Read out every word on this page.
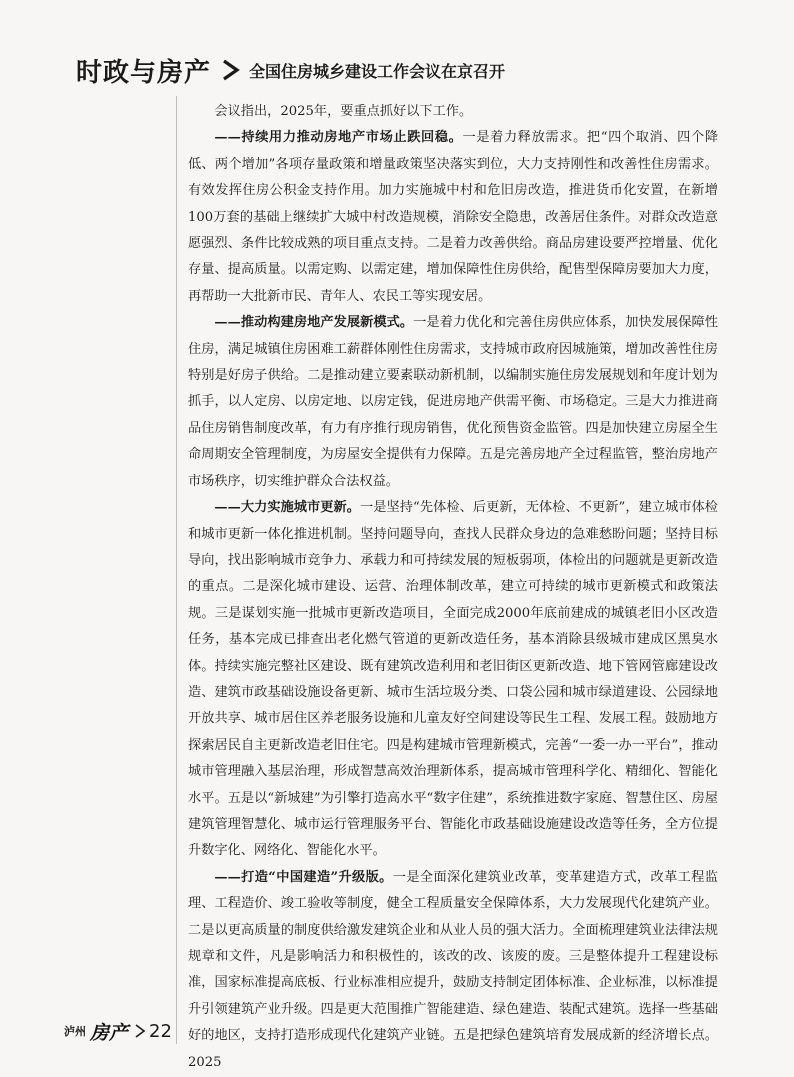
时政与房产 全国住房城乡建设工作会议在京召开

会议指出，2025年，要重点抓好以下工作。

——持续用力推动房地产市场止跌回稳。一是着力释放需求。把“四个取消、四个降低、两个增加”各项存量政策和增量政策坚决落实到位，大力支持刚性和改善性住房需求。有效发挥住房公积金支持作用。加力实施城中村和危旧房改造，推进货币化安置，在新增100万套的基础上继续扩大城中村改造规模，消除安全隐患，改善居住条件。对群众改造意愿强烈、条件比较成熟的项目重点支持。二是着力改善供给。商品房建设要严控增量、优化存量、提高质量。以需定购、以需定建，增加保障性住房供给，配售型保障房要加大力度，再帮助一大批新市民、青年人、农民工等实现安居。

——推动构建房地产发展新模式。一是着力优化和完善住房供应体系，加快发展保障性住房，满足城镇住房困难工薪群体刚性住房需求，支持城市政府因城施策，增加改善性住房特别是好房子供给。二是推动建立要素联动新机制，以编制实施住房发展规划和年度计划为抓手，以人定房、以房定地、以房定钱，促进房地产供需平衡、市场稳定。三是大力推进商品住房销售制度改革，有力有序推行现房销售，优化预售资金监管。四是加快建立房屋全生命周期安全管理制度，为房屋安全提供有力保障。五是完善房地产全过程监管，整治房地产市场秩序，切实维护群众合法权益。

——大力实施城市更新。一是坚持“先体检、后更新，无体检、不更新”，建立城市体检和城市更新一体化推进机制。坚持问题导向，查找人民群众身边的急难愁盼问题；坚持目标导向，找出影响城市竞争力、承载力和可持续发展的短板弱项，体检出的问题就是更新改造的重点。二是深化城市建设、运营、治理体制改革，建立可持续的城市更新模式和政策法规。三是谋划实施一批城市更新改造项目，全面完成2000年底前建成的城镇老旧小区改造任务，基本完成已排查出老化燃气管道的更新改造任务，基本消除县级城市建成区黑臭水体。持续实施完整社区建设、既有建筑改造利用和老旧街区更新改造、地下管网管廊建设改造、建筑市政基础设施设备更新、城市生活垃圾分类、口袋公园和城市绿道建设、公园绿地开放共享、城市居住区养老服务设施和儿童友好空间建设等民生工程、发展工程。鼓励地方探索居民自主更新改造老旧住宅。四是构建城市管理新模式，完善“一委一办一平台”，推动城市管理融入基层治理，形成智慧高效治理新体系，提高城市管理科学化、精细化、智能化水平。五是以“新城建”为引擎打造高水平“数字住建”，系统推进数字家庭、智慧住区、房屋建筑管理智慧化、城市运行管理服务平台、智能化市政基础设施建设改造等任务，全方位提升数字化、网络化、智能化水平。

——打造“中国建造”升级版。一是全面深化建筑业改革，变革建造方式，改革工程监理、工程造价、竣工验收等制度，健全工程质量安全保障体系，大力发展现代化建筑产业。二是以更高质量的制度供给激发建筑企业和从业人员的强大活力。全面梳理建筑业法律法规规章和文件，凡是影响活力和积极性的，该改的改、该废的废。三是整体提升工程建设标准，国家标准提高底板、行业标准相应提升，鼓励支持制定团体标准、企业标准，以标准提升引领建筑产业升级。四是更大范围推广智能建造、绿色建造、装配式建筑。选择一些基础好的地区，支持打造形成现代化建筑产业链。五是把绿色建筑培育发展成新的经济增长点。2025

泸州 房产 22
